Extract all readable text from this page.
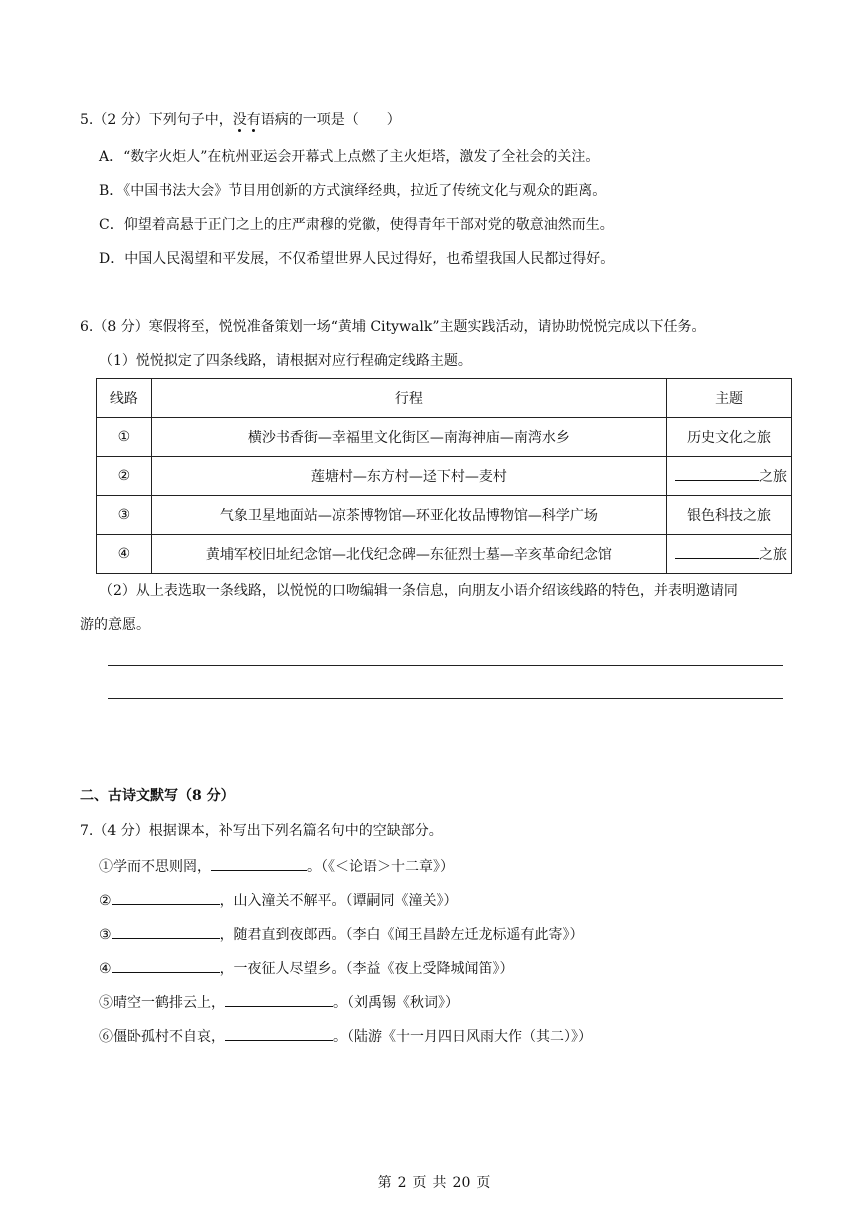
5.（2 分）下列句子中，没有语病的一项是（　　）
A．“数字火炬人”在杭州亚运会开幕式上点燃了主火炬塔，激发了全社会的关注。
B．《中国书法大会》节目用创新的方式演绎经典，拉近了传统文化与观众的距离。
C．仰望着高悬于正门之上的庄严肃穆的党徽，使得青年干部对党的敬意油然而生。
D．中国人民渴望和平发展，不仅希望世界人民过得好，也希望我国人民都过得好。
6.（8 分）寒假将至，悦悦准备策划一场“黄埔 Citywalk”主题实践活动，请协助悦悦完成以下任务。
（1）悦悦拟定了四条线路，请根据对应行程确定线路主题。
线路	行程	主题
①	横沙书香街—幸福里文化街区—南海神庙—南湾水乡	历史文化之旅
②	莲塘村—东方村—迳下村—麦村	之旅

③	气象卫星地面站—凉茶博物馆—环亚化妆品博物馆—科学广场	银色科技之旅
④	黄埔军校旧址纪念馆—北伐纪念碑—东征烈士墓—辛亥革命纪念馆	之旅
（2）从上表选取一条线路，以悦悦的口吻编辑一条信息，向朋友小语介绍该线路的特色，并表明邀请同
游的意愿。
二、古诗文默写（8 分）
7.（4 分）根据课本，补写出下列名篇名句中的空缺部分。
①学而不思则罔，	。（《＜论语＞十二章》）
②	，山入潼关不解平。（谭嗣同《潼关》）
③	，随君直到夜郎西。（李白《闻王昌龄左迁龙标遥有此寄》）
④	，一夜征人尽望乡。（李益《夜上受降城闻笛》）
⑤晴空一鹤排云上，	。（刘禹锡《秋词》）
⑥僵卧孤村不自哀，	。（陆游《十一月四日风雨大作（其二）》）
第 2 页 共 20 页
